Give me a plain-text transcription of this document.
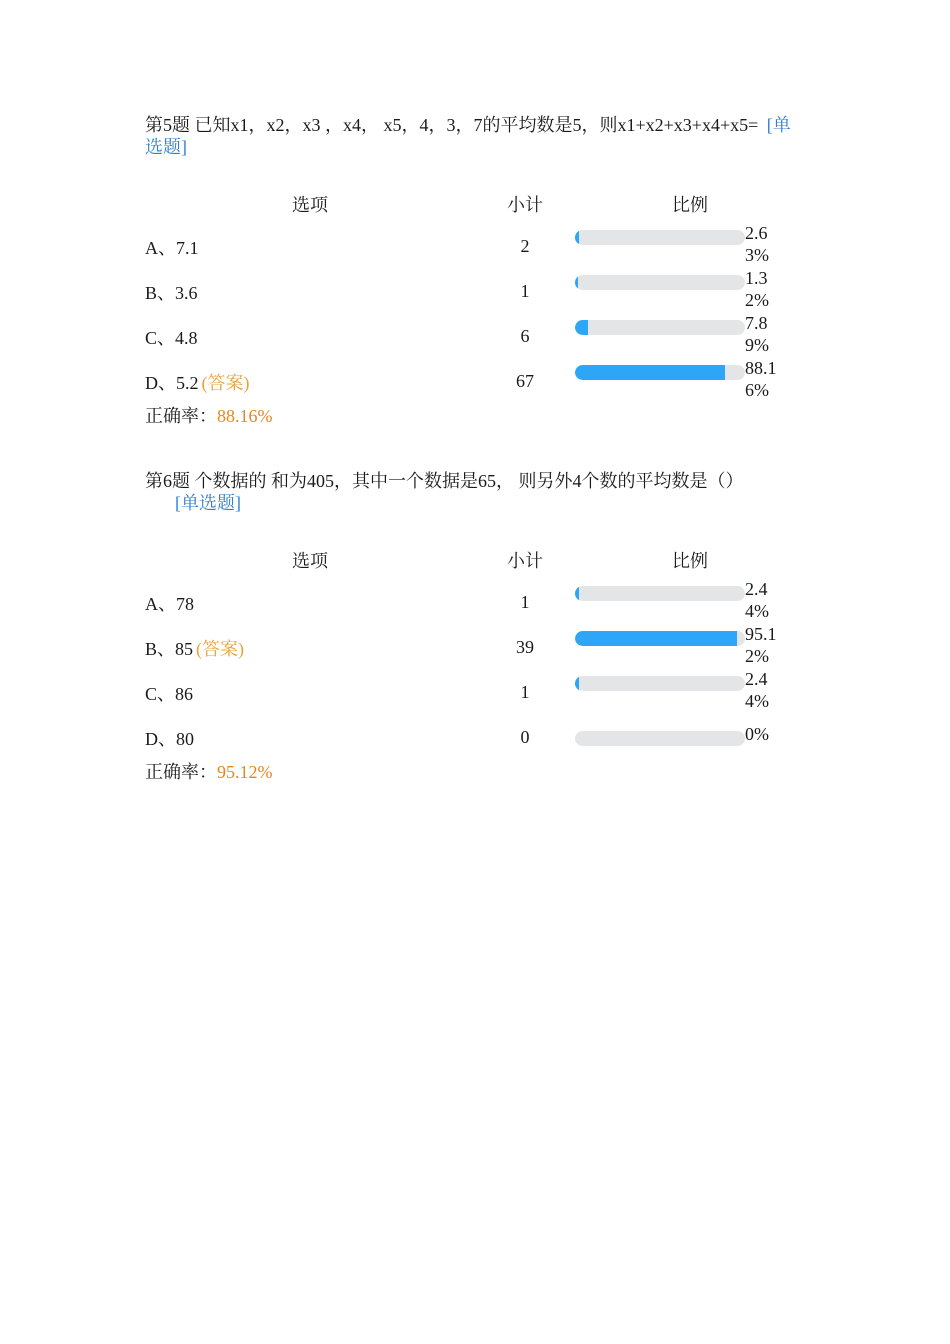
第5题 已知x1，x2，x3 ，x4， x5，4，3，7的平均数是5，则x1+x2+x3+x4+x5= [单选题]
选项	小计	比例
A、7.1	2	2.63%

B、3.6	1	1.32%

C、4.8	6	7.89%

D、5.2 (答案)	67	88.16%
正确率：88.16%
第6题 个数据的 和为405，其中一个数据是65， 则另外4个数的平均数是（） [单选题]
选项	小计	比例
A、78	1	2.44%

B、85 (答案)	39	95.12%

C、86	1	2.44%

D、80	0	0%
正确率：95.12%
